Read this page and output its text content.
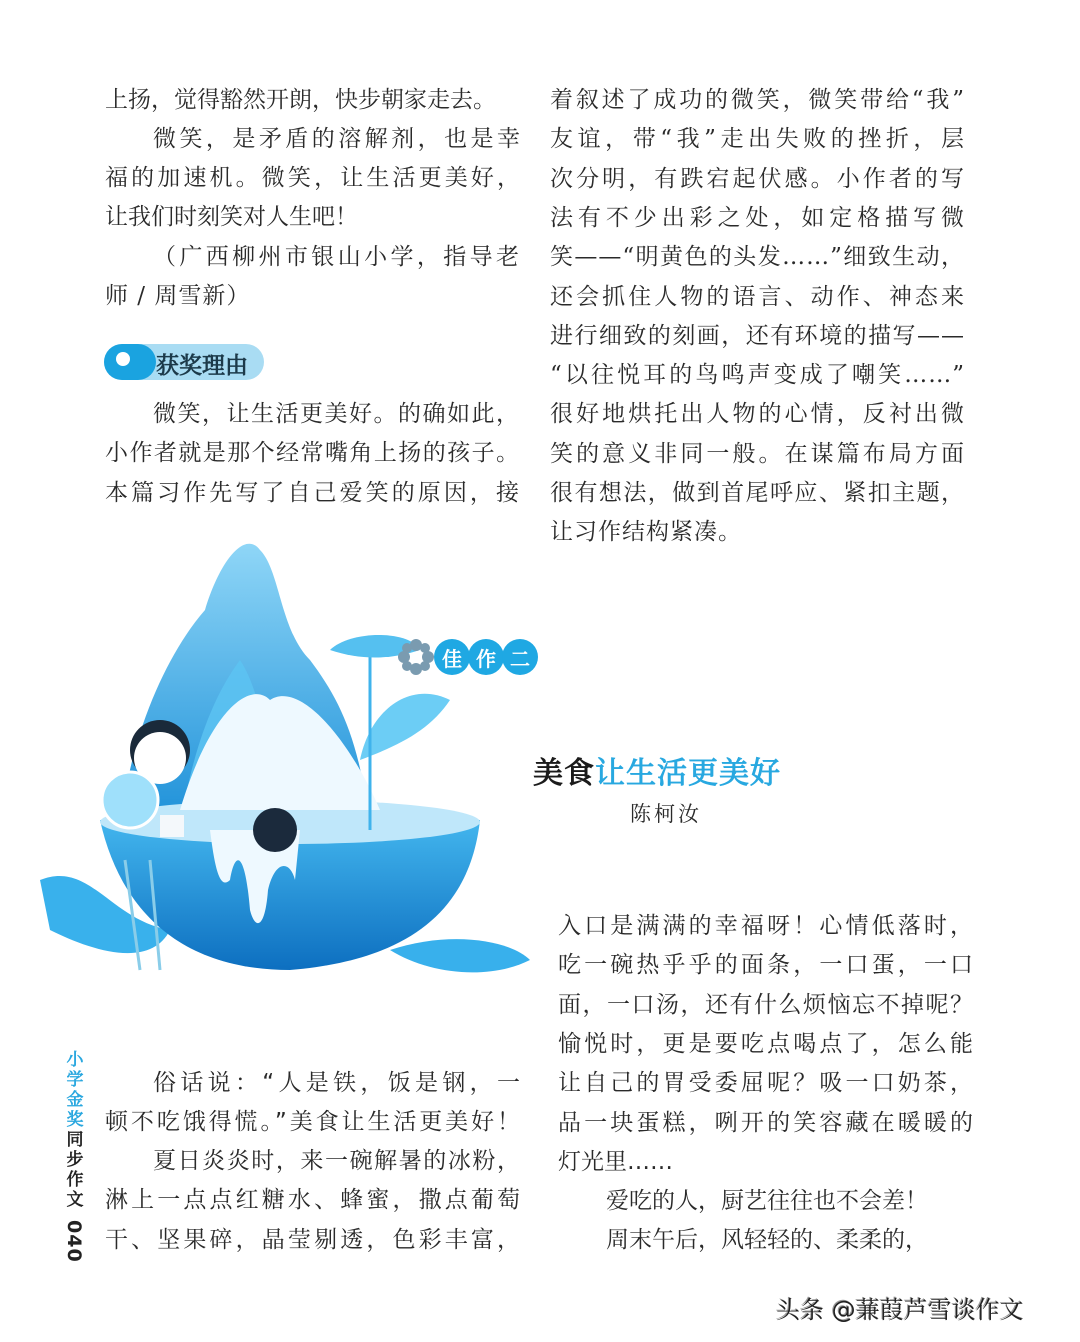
上扬，觉得豁然开朗，快步朝家走去。
微笑，是矛盾的溶解剂，也是幸
福的加速机。微笑，让生活更美好，
让我们时刻笑对人生吧！
（广西柳州市银山小学，指导老
师 / 周雪新）
获奖理由
微笑，让生活更美好。的确如此，
小作者就是那个经常嘴角上扬的孩子。
本篇习作先写了自己爱笑的原因，接
着叙述了成功的微笑，微笑带给“我”
友谊，带“我”走出失败的挫折，层
次分明，有跌宕起伏感。小作者的写
法有不少出彩之处，如定格描写微
笑——“明黄色的头发……”细致生动，
还会抓住人物的语言、动作、神态来
进行细致的刻画，还有环境的描写——
“以往悦耳的鸟鸣声变成了嘲笑……”
很好地烘托出人物的心情，反衬出微
笑的意义非同一般。在谋篇布局方面
很有想法，做到首尾呼应、紧扣主题，
让习作结构紧凑。
佳 作 二
美食让生活更美好
陈柯汝
俗话说：“人是铁，饭是钢，一
顿不吃饿得慌。”美食让生活更美好！
夏日炎炎时，来一碗解暑的冰粉，
淋上一点点红糖水、蜂蜜，撒点葡萄
干、坚果碎，晶莹剔透，色彩丰富，
入口是满满的幸福呀！心情低落时，
吃一碗热乎乎的面条，一口蛋，一口
面，一口汤，还有什么烦恼忘不掉呢？
愉悦时，更是要吃点喝点了，怎么能
让自己的胃受委屈呢？吸一口奶茶，
品一块蛋糕，咧开的笑容藏在暖暖的
灯光里……
爱吃的人，厨艺往往也不会差！
周末午后，风轻轻的、柔柔的，
小
学
金
奖
同
步
作
文
040
头条 @蒹葭芦雪谈作文
